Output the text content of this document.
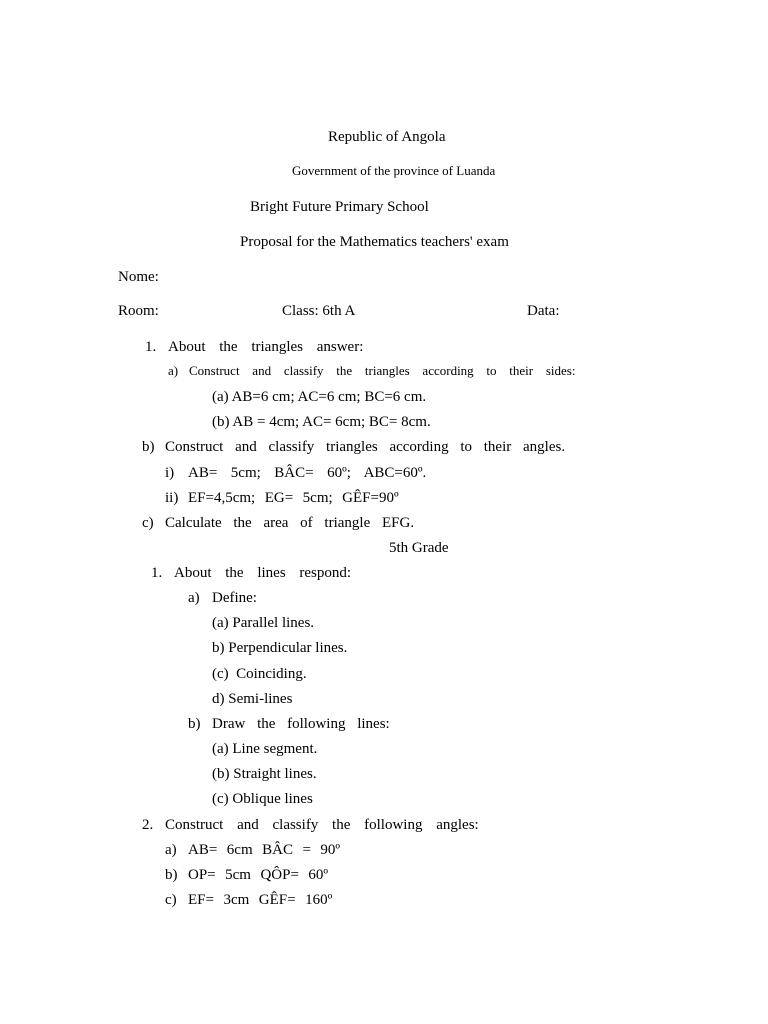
Republic of Angola
Government of the province of Luanda
Bright Future Primary School
Proposal for the Mathematics teachers' exam
Nome:
Room:	Class: 6th A	Data:
1. About the triangles answer:
a) Construct and classify the triangles according to their sides:
(a) AB=6 cm; AC=6 cm; BC=6 cm.
(b) AB = 4cm; AC= 6cm; BC= 8cm.
b) Construct and classify triangles according to their angles.
i) AB=  5cm;  BÂC=  60º;  ABC=60º.
ii) EF=4,5cm;  EG=  5cm;  GÊF=90º
c) Calculate the area of triangle EFG.
5th Grade
1. About the lines respond:
a) Define:
(a) Parallel lines.
b) Perpendicular lines.
(c)  Coinciding.
d) Semi-lines
b) Draw the following lines:
(a) Line segment.
(b) Straight lines.
(c) Oblique lines
2. Construct and classify the following angles:
a) AB=  6cm  BÂC  =  90º
b) OP=  5cm  QÔP=  60º
c) EF=  3cm  GÊF=  160º
